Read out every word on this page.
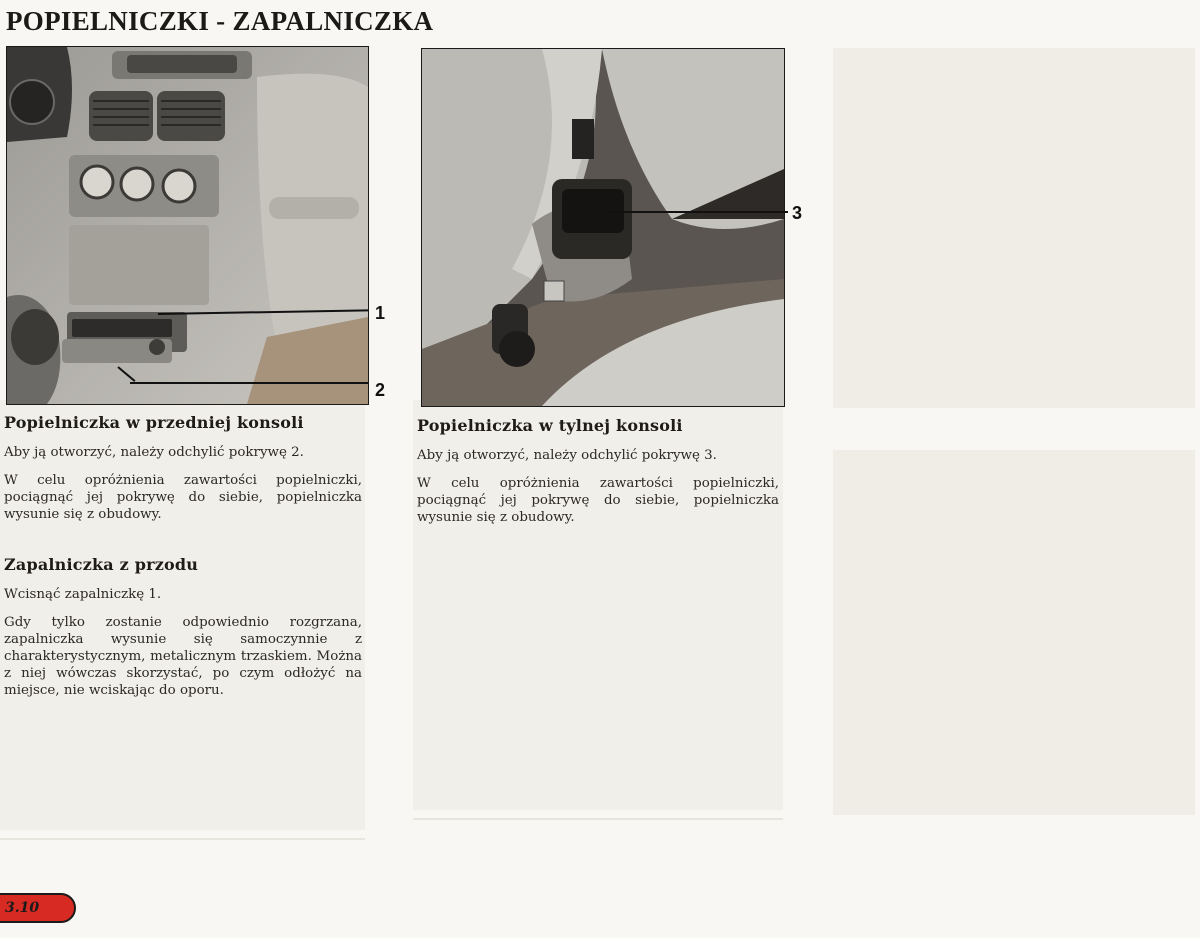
POPIELNICZKI - ZAPALNICZKA
1
2
3
Popielniczka w przedniej konsoli

Aby ją otworzyć, należy odchylić pokrywę 2.

W celu opróżnienia zawartości popielniczki, pociągnąć jej pokrywę do siebie, popielniczka wysunie się z obudowy.

Zapalniczka z przodu

Wcisnąć zapalniczkę 1.

Gdy tylko zostanie odpowiednio rozgrzana, zapalniczka wysunie się samoczynnie z charakterystycznym, metalicznym trzaskiem. Można z niej wówczas skorzystać, po czym odłożyć na miejsce, nie wciskając do oporu.

Popielniczka w tylnej konsoli

Aby ją otworzyć, należy odchylić pokrywę 3.

W celu opróżnienia zawartości popielniczki, pociągnąć jej pokrywę do siebie, popielniczka wysunie się z obudowy.

3.10
